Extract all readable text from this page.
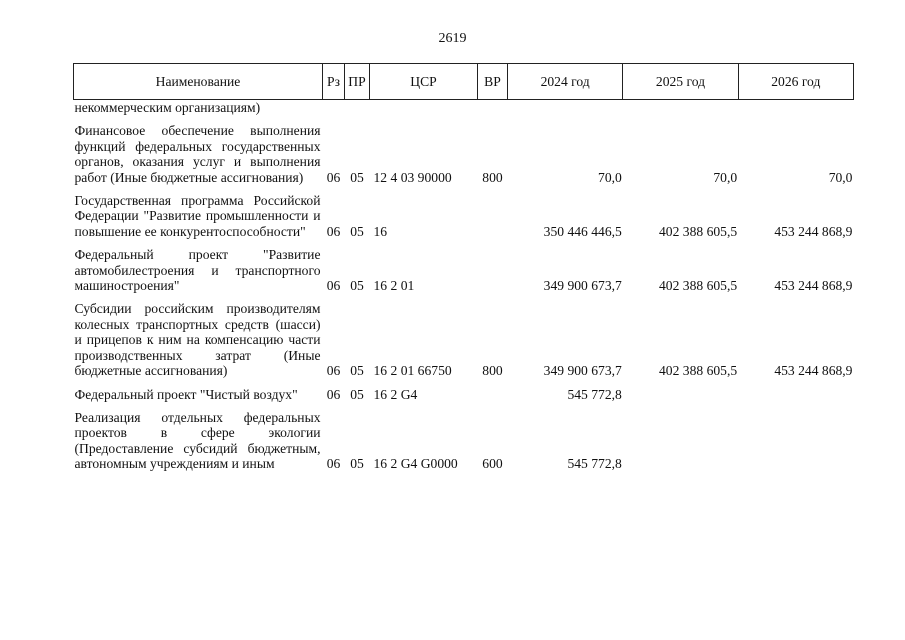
2619
Наименование	Рз	ПР	ЦСР	ВР	2024 год	2025 год	2026 год
некоммерческим организациям)							
Финансовое обеспечение выполнения функций федеральных государственных органов, оказания услуг и выполнения работ (Иные бюджетные ассигнования)	06	05	12 4 03 90000	800	70,0	70,0	70,0
Государственная программа Российской Федерации "Развитие промышленности и повышение ее конкурентоспособности"	06	05	16		350 446 446,5	402 388 605,5	453 244 868,9
Федеральный проект "Развитие автомобилестроения и транспортного машиностроения"	06	05	16 2 01		349 900 673,7	402 388 605,5	453 244 868,9
Субсидии российским производителям колесных транспортных средств (шасси) и прицепов к ним на компенсацию части производственных затрат (Иные бюджетные ассигнования)	06	05	16 2 01 66750	800	349 900 673,7	402 388 605,5	453 244 868,9
Федеральный проект "Чистый воздух"	06	05	16 2 G4		545 772,8		
Реализация отдельных федеральных проектов в сфере экологии (Предоставление субсидий бюджетным, автономным учреждениям и иным	06	05	16 2 G4 G0000	600	545 772,8		
